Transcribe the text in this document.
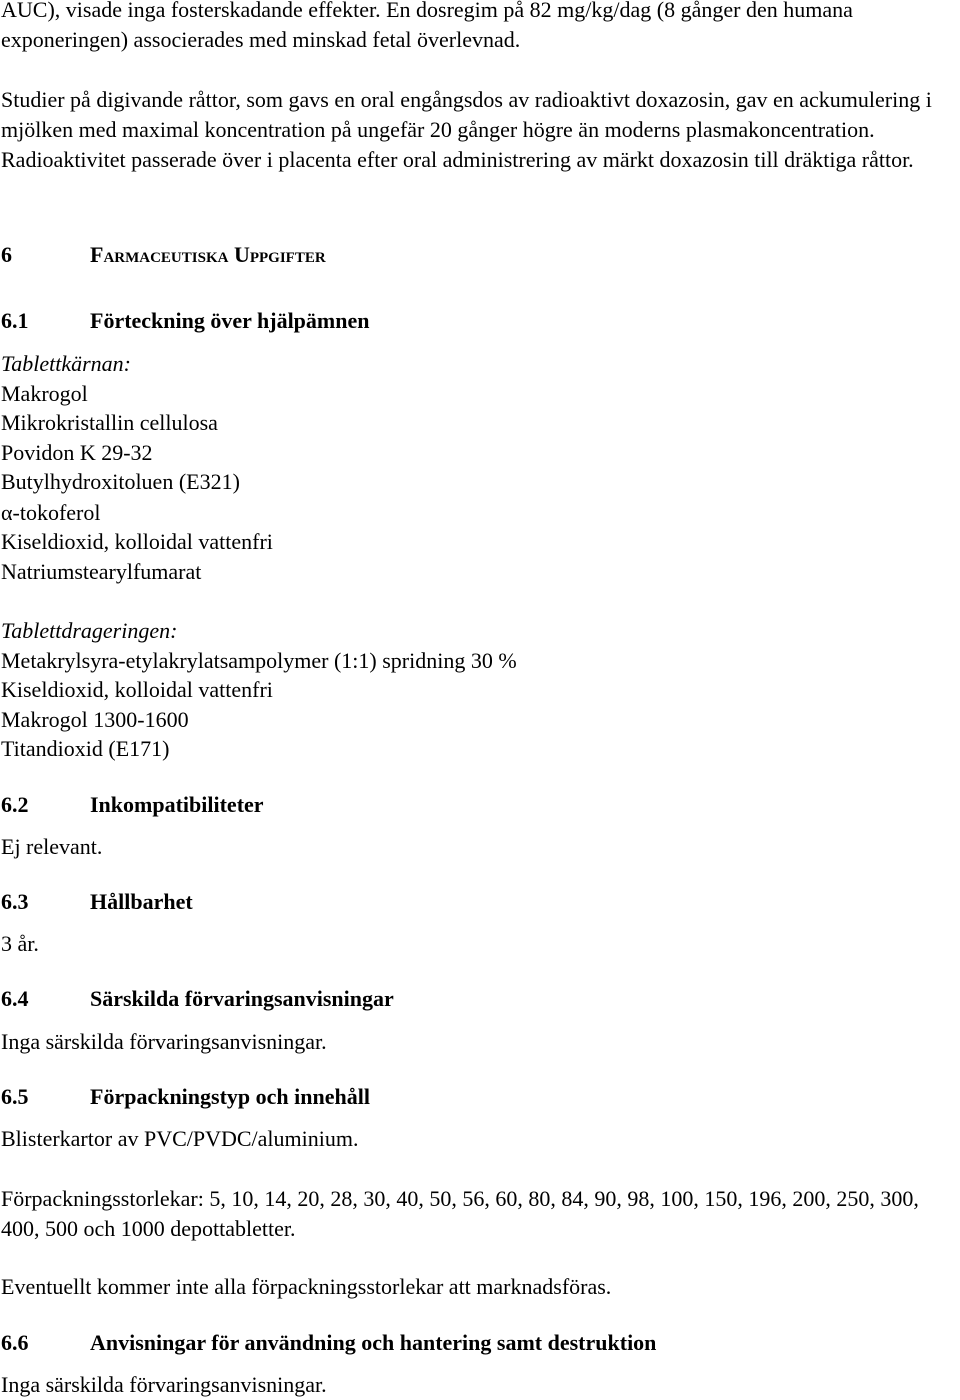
AUC), visade inga fosterskadande effekter. En dosregim på 82 mg/kg/dag (8 gånger den humana exponeringen) associerades med minskad fetal överlevnad.

Studier på digivande råttor, som gavs en oral engångsdos av radioaktivt doxazosin, gav en ackumulering i mjölken med maximal koncentration på ungefär 20 gånger högre än moderns plasmakoncentration. Radioaktivitet passerade över i placenta efter oral administrering av märkt doxazosin till dräktiga råttor.

6	Farmaceutiska Uppgifter
6.1	Förteckning över hjälpämnen
Tablettkärnan:
Makrogol
Mikrokristallin cellulosa
Povidon K 29-32
Butylhydroxitoluen (E321)
α-tokoferol
Kiseldioxid, kolloidal vattenfri
Natriumstearylfumarat
Tablettdrageringen:
Metakrylsyra-etylakrylatsampolymer (1:1) spridning 30 %
Kiseldioxid, kolloidal vattenfri
Makrogol 1300-1600
Titandioxid (E171)
6.2	Inkompatibiliteter
Ej relevant.
6.3	Hållbarhet
3 år.
6.4	Särskilda förvaringsanvisningar
Inga särskilda förvaringsanvisningar.
6.5	Förpackningstyp och innehåll
Blisterkartor av PVC/PVDC/aluminium.

Förpackningsstorlekar: 5, 10, 14, 20, 28, 30, 40, 50, 56, 60, 80, 84, 90, 98, 100, 150, 196, 200, 250, 300, 400, 500 och 1000 depottabletter.

Eventuellt kommer inte alla förpackningsstorlekar att marknadsföras.
6.6	Anvisningar för användning och hantering samt destruktion
Inga särskilda förvaringsanvisningar.
